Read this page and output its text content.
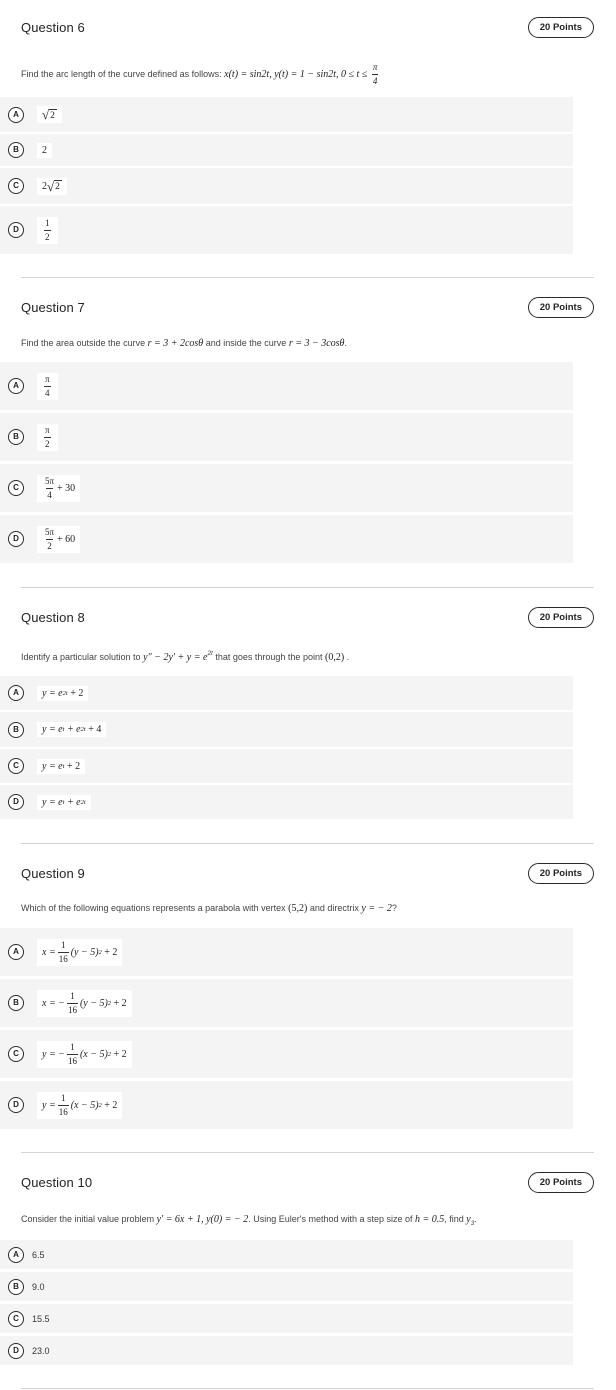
Question 6	20 Points
Find the arc length of the curve defined as follows: x(t) = sin2t, y(t) = 1 − sin2t, $0 \le t \le \frac{\pi}{4}$
A	√ 2
B	2
C	2 √ 2
D	$\frac{1}{2}$
Question 7	20 Points
Find the area outside the curve r = 3 + 2cosθ and inside the curve r = 3 − 3cosθ.
A	$\frac{\pi}{4}$
B	$\frac{\pi}{2}$
C	$\frac{5\pi}{4} + 30$
D	$\frac{5\pi}{2} + 60$
Question 8	20 Points
Identify a particular solution to y" − $2y' + y = e^{2t}$ that goes through the point (0,2) .
A	y = e 2t
+ 2
B	y = e t
+ e 2t
+ 4
C	y = e t
+ 2
D	y = e t
+ e 2t
Question 9	20 Points
Which of the following equations represents a parabola with vertex (5,2) and directrix y = − 2?
A	$x = \frac{1}{16} (y - 5)$ 2
+ 2
B	x = − $\frac{1}{16} (y - 5)$ 2
+ 2
C	y = − $\frac{1}{16} (x - 5)$ 2
+ 2
D	$y = \frac{1}{16} (x - 5)$ 2
+ 2
Question 10	20 Points
Consider the initial value problem y' = 6x + 1, y(0) = − 2. Using Euler's method with a step size of h = 0.5, find $y_3$.
A	6.5
B	9.0
C	15.5
D	23.0
